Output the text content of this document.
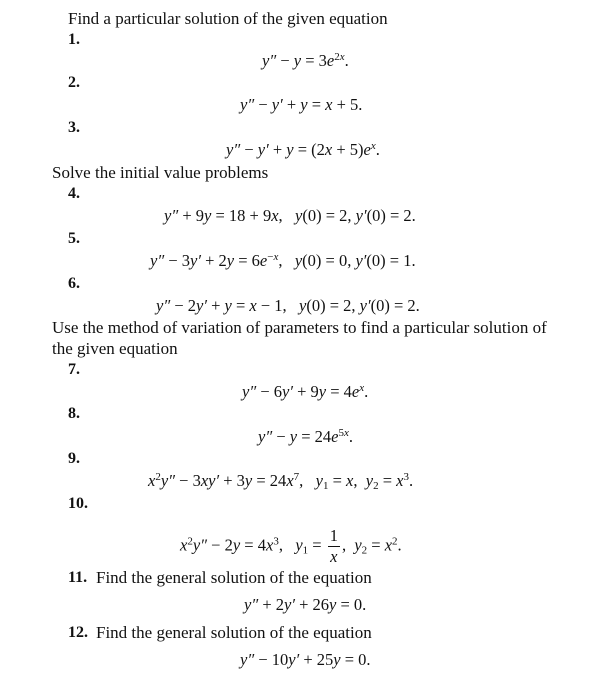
Find a particular solution of the given equation
Solve the initial value problems
Use the method of variation of parameters to find a particular solution of
the given equation
1.
2.
3.
4.
5.
6.
7.
8.
9.
10.
11.
12.
Find the general solution of the equation
Find the general solution of the equation
$y'' - y = 3e^{2x}$.
y″ − y′ + y = x + 5.
$y'' - y' + y = (2x + 5)e^x$.
y″ + 9y = 18 + 9x,   y(0) = 2, y′(0) = 2.
$y'' - 3y' + 2y = 6e^{-x}$,   y(0) = 0, y′(0) = 1.
y″ − 2y′ + y = x − 1,   y(0) = 2, y′(0) = 2.
$y'' - 6y' + 9y = 4e^x$.
$y'' - y = 24e^{5x}$.
$x^2y'' - 3xy' + 3y = 24x^7$,   $y_1 = x$,  $y_2 = x^3$.
$x^2y'' - 2y = 4x^3$,   $y_1 = \frac{1}{x}$ ,  $y_2 = x^2$.
y″ + 2y′ + 26y = 0.
y″ − 10y′ + 25y = 0.
